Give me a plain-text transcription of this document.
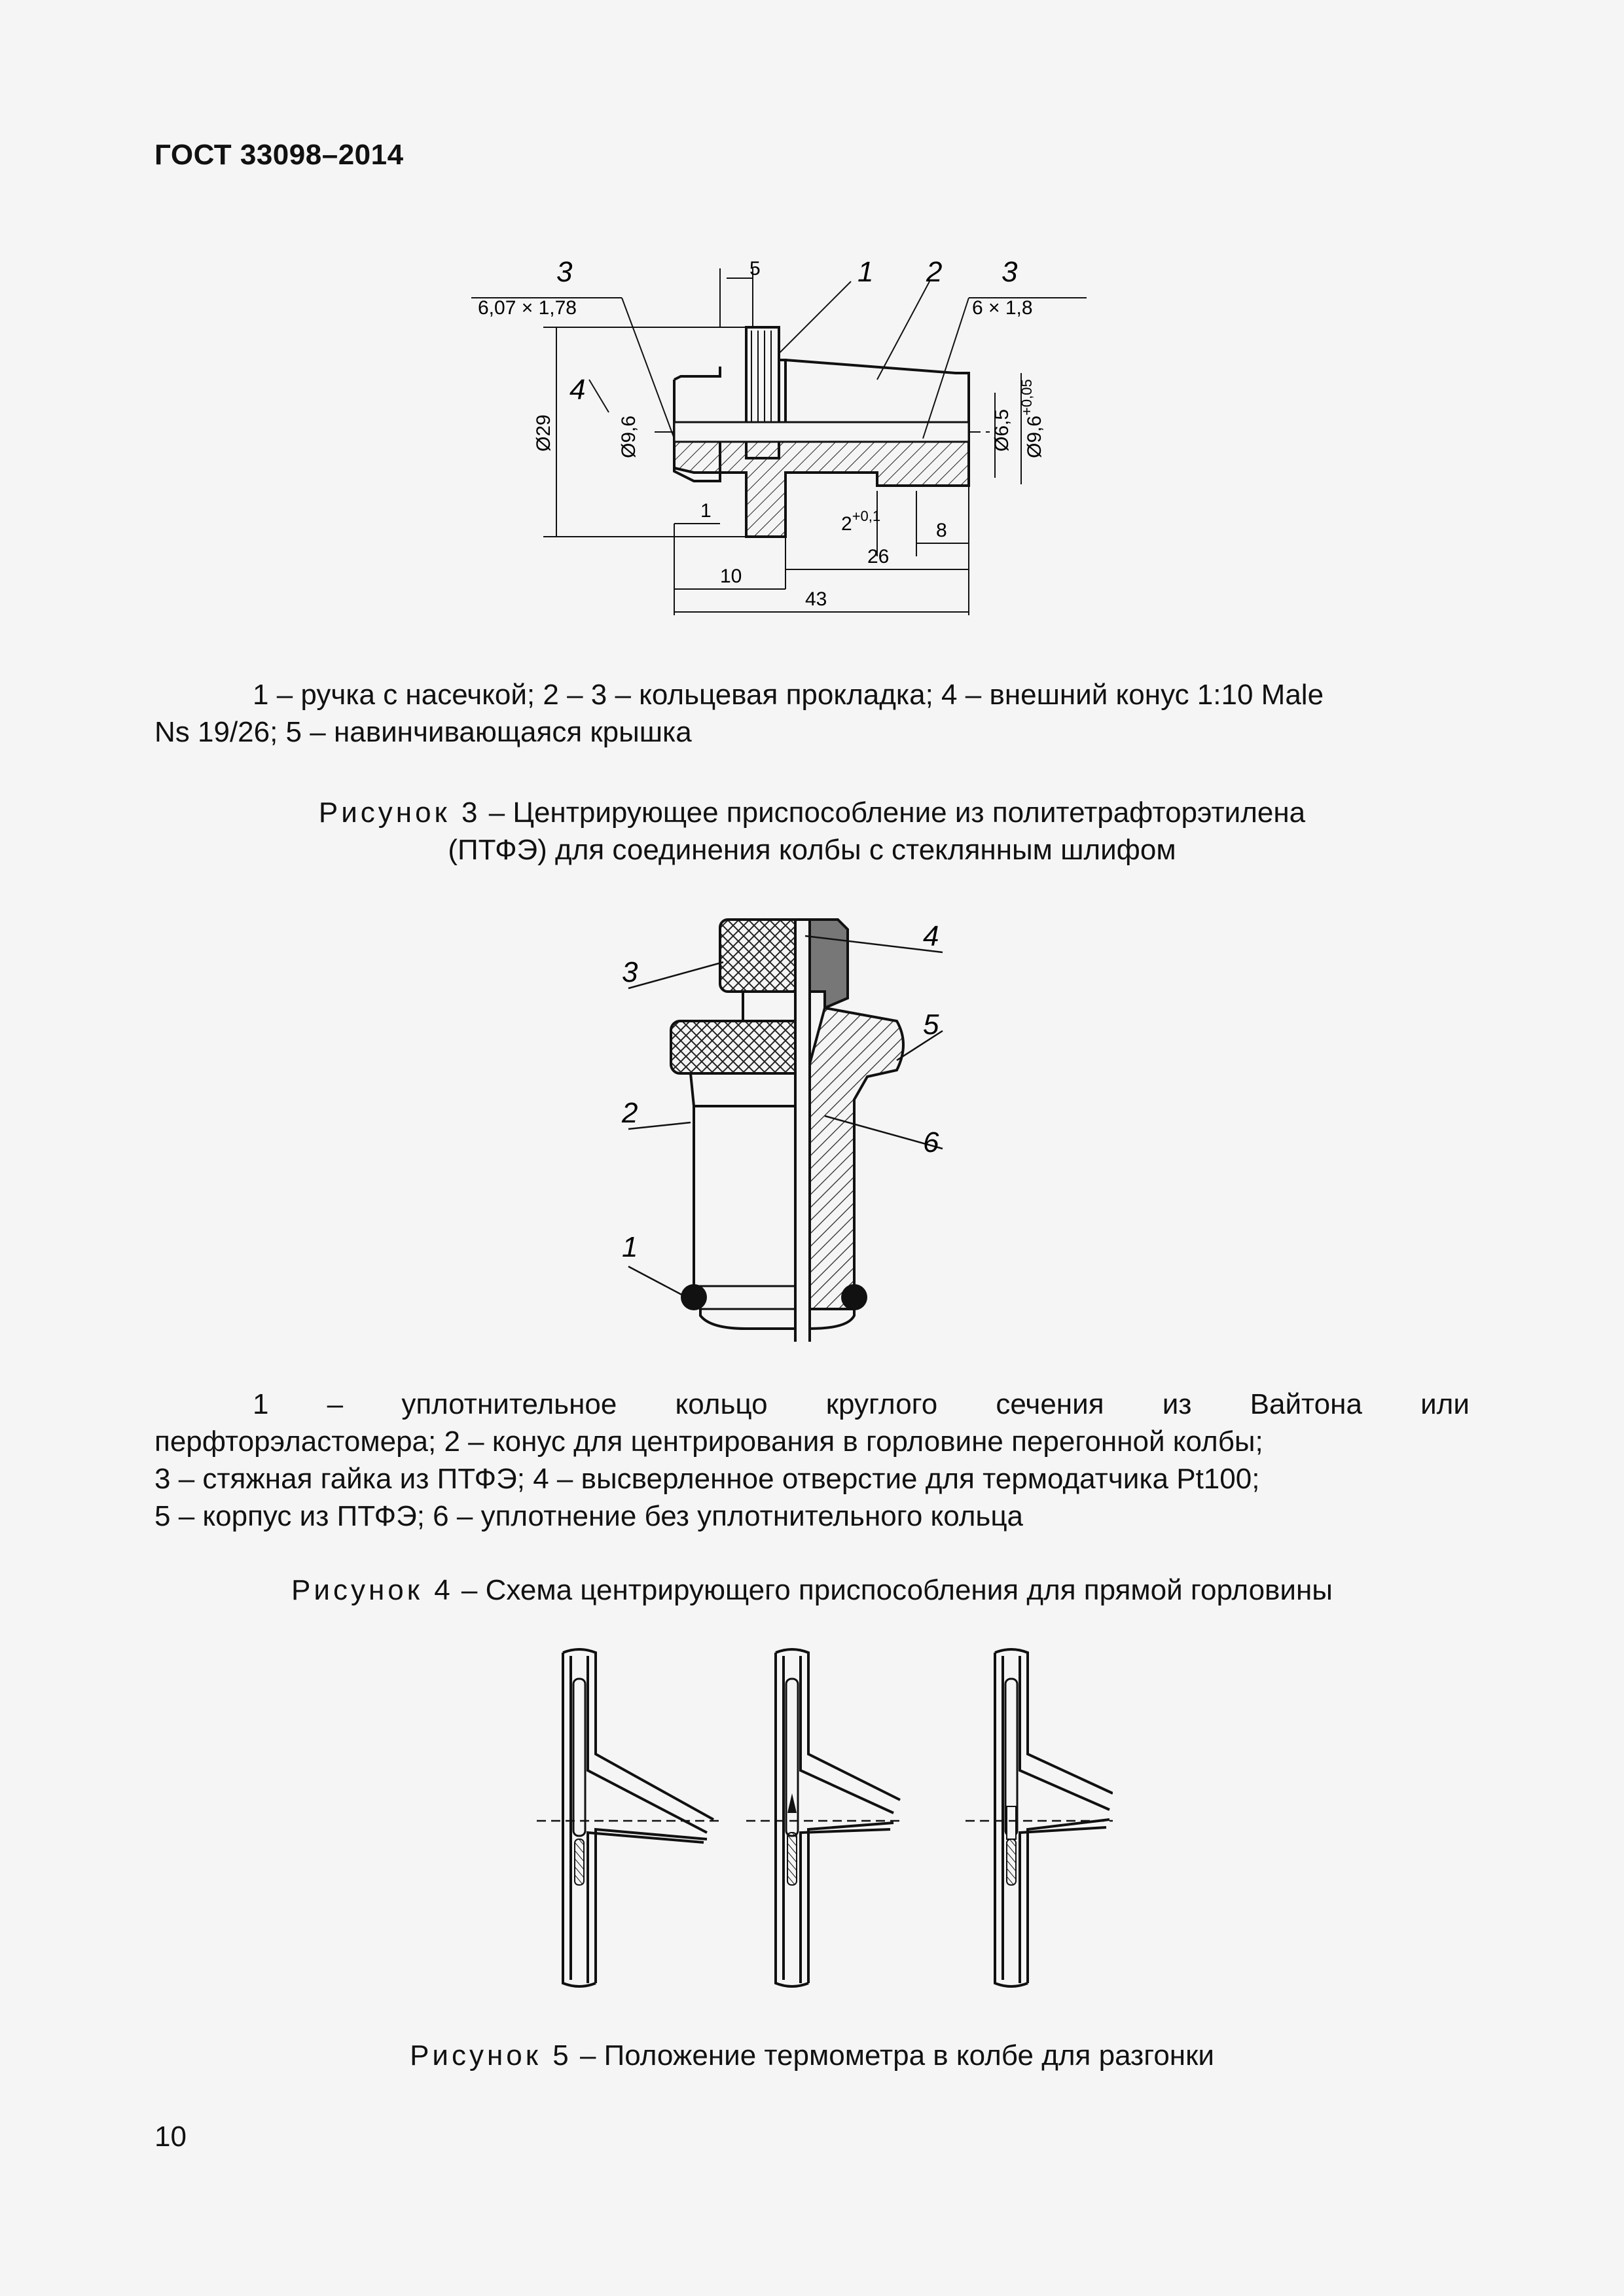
ГОСТ 33098–2014
3	1 2 3
4
6,07 × 1,78	6 × 1,8
5
Ø29	Ø9,6	Ø6,5 $Ø9,6^{+0,05}$
1
$2^{+0,1}$
8
10
26
43
1 – ручка с насечкой; 2 – 3 – кольцевая прокладка; 4 – внешний конус 1:10 Male
Ns 19/26; 5 – навинчивающаяся крышка
Рисунок 3 – Центрирующее приспособление из политетрафторэтилена
(ПТФЭ) для соединения колбы с стеклянным шлифом
3
4
5
2
6
1
1 – уплотнительное кольцо круглого сечения из Вайтона или
перфторэластомера; 2 – конус для центрирования в горловине перегонной колбы;
3 – стяжная гайка из ПТФЭ; 4 – высверленное отверстие для термодатчика Pt100;
5 – корпус из ПТФЭ; 6 – уплотнение без уплотнительного кольца
Рисунок 4 – Схема центрирующего приспособления для прямой горловины
Рисунок 5 – Положение термометра в колбе для разгонки
10
